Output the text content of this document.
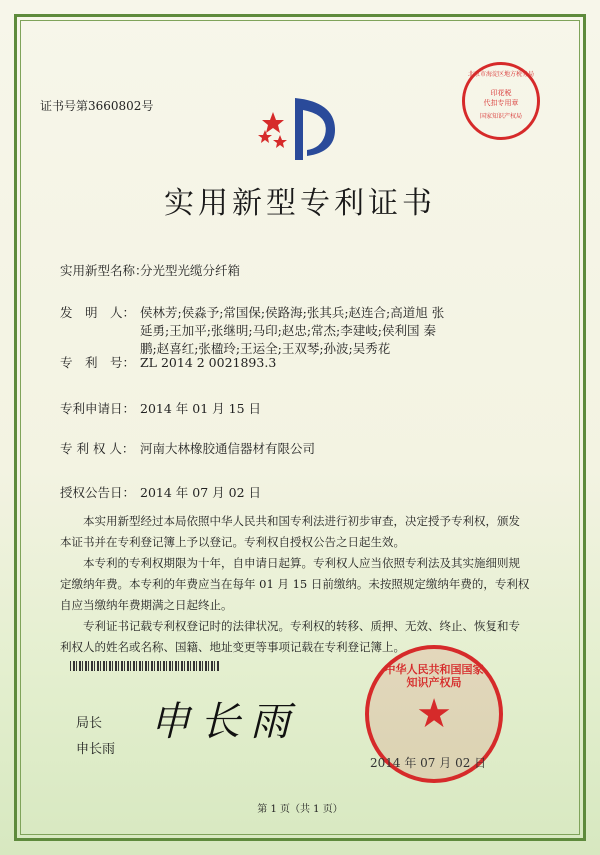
证书号第3660802号
实用新型专利证书
实用新型名称：
分光型光缆分纤箱
发　明　人： 侯林芳;侯淼予;常国保;侯路海;张其兵;赵连合;高道旭 张延勇;王加平;张继明;马印;赵忠;常杰;李建岐;侯利国 秦鹏;赵喜红;张楹玲;王运全;王双琴;孙波;吴秀花
专　利　号： ZL 2014 2 0021893.3
专利申请日： 2014 年 01 月 15 日
专 利 权 人： 河南大林橡胶通信器材有限公司
授权公告日： 2014 年 07 月 02 日

本实用新型经过本局依照中华人民共和国专利法进行初步审查，决定授予专利权，颁发本证书并在专利登记簿上予以登记。专利权自授权公告之日起生效。

本专利的专利权期限为十年，自申请日起算。专利权人应当依照专利法及其实施细则规定缴纳年费。本专利的年费应当在每年 01 月 15 日前缴纳。未按照规定缴纳年费的，专利权自应当缴纳年费期满之日起终止。

专利证书记载专利权登记时的法律状况。专利权的转移、质押、无效、终止、恢复和专利权人的姓名或名称、国籍、地址变更等事项记载在专利登记簿上。

北京市海淀区地方税务局
印花税
代扣专用章
国家知识产权局
局长
申长雨
申长雨
中华人民共和国国家知识产权局
★
2014 年 07 月 02 日
第 1 页（共 1 页）
